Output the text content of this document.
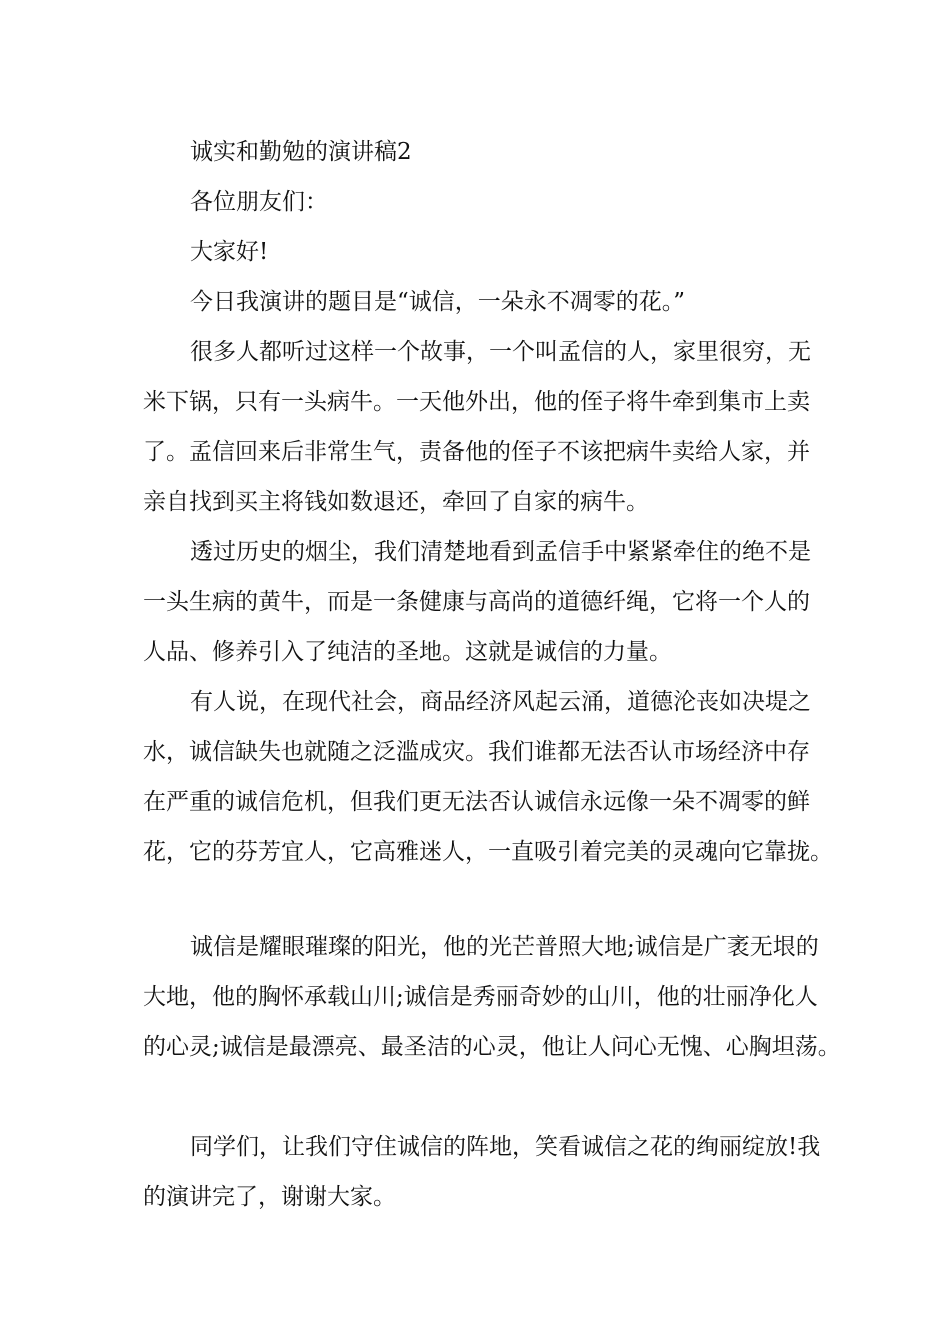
诚实和勤勉的演讲稿2
各位朋友们：
大家好!
今日我演讲的题目是“诚信，一朵永不凋零的花。”
很多人都听过这样一个故事，一个叫孟信的人，家里很穷，无
米下锅，只有一头病牛。一天他外出，他的侄子将牛牵到集市上卖
了。孟信回来后非常生气，责备他的侄子不该把病牛卖给人家，并
亲自找到买主将钱如数退还，牵回了自家的病牛。
透过历史的烟尘，我们清楚地看到孟信手中紧紧牵住的绝不是
一头生病的黄牛，而是一条健康与高尚的道德纤绳，它将一个人的
人品、修养引入了纯洁的圣地。这就是诚信的力量。
有人说，在现代社会，商品经济风起云涌，道德沦丧如决堤之
水，诚信缺失也就随之泛滥成灾。我们谁都无法否认市场经济中存
在严重的诚信危机，但我们更无法否认诚信永远像一朵不凋零的鲜
花，它的芬芳宜人，它高雅迷人，一直吸引着完美的灵魂向它靠拢。
诚信是耀眼璀璨的阳光，他的光芒普照大地;诚信是广袤无垠的
大地，他的胸怀承载山川;诚信是秀丽奇妙的山川，他的壮丽净化人
的心灵;诚信是最漂亮、最圣洁的心灵，他让人问心无愧、心胸坦荡。
同学们，让我们守住诚信的阵地，笑看诚信之花的绚丽绽放!我
的演讲完了，谢谢大家。
